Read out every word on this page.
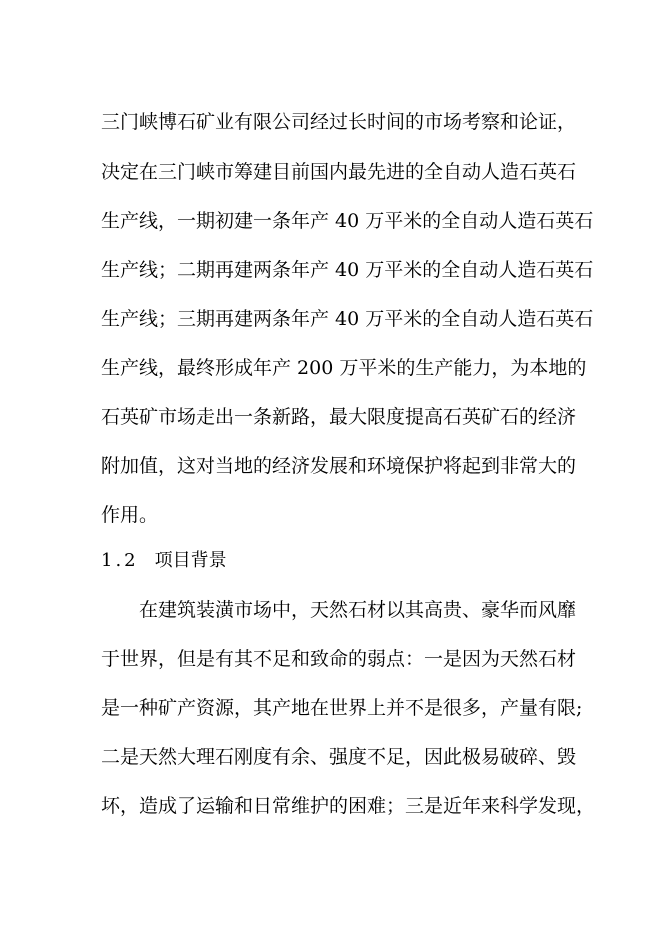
三门峡博石矿业有限公司经过长时间的市场考察和论证，
决定在三门峡市筹建目前国内最先进的全自动人造石英石
生产线，一期初建一条年产 40 万平米的全自动人造石英石
生产线；二期再建两条年产 40 万平米的全自动人造石英石
生产线；三期再建两条年产 40 万平米的全自动人造石英石
生产线，最终形成年产 200 万平米的生产能力，为本地的
石英矿市场走出一条新路，最大限度提高石英矿石的经济
附加值，这对当地的经济发展和环境保护将起到非常大的
作用。
1.2 项目背景
在建筑装潢市场中，天然石材以其高贵、豪华而风靡
于世界，但是有其不足和致命的弱点：一是因为天然石材
是一种矿产资源，其产地在世界上并不是很多，产量有限;
二是天然大理石刚度有余、强度不足，因此极易破碎、毁
坏，造成了运输和日常维护的困难；三是近年来科学发现，
